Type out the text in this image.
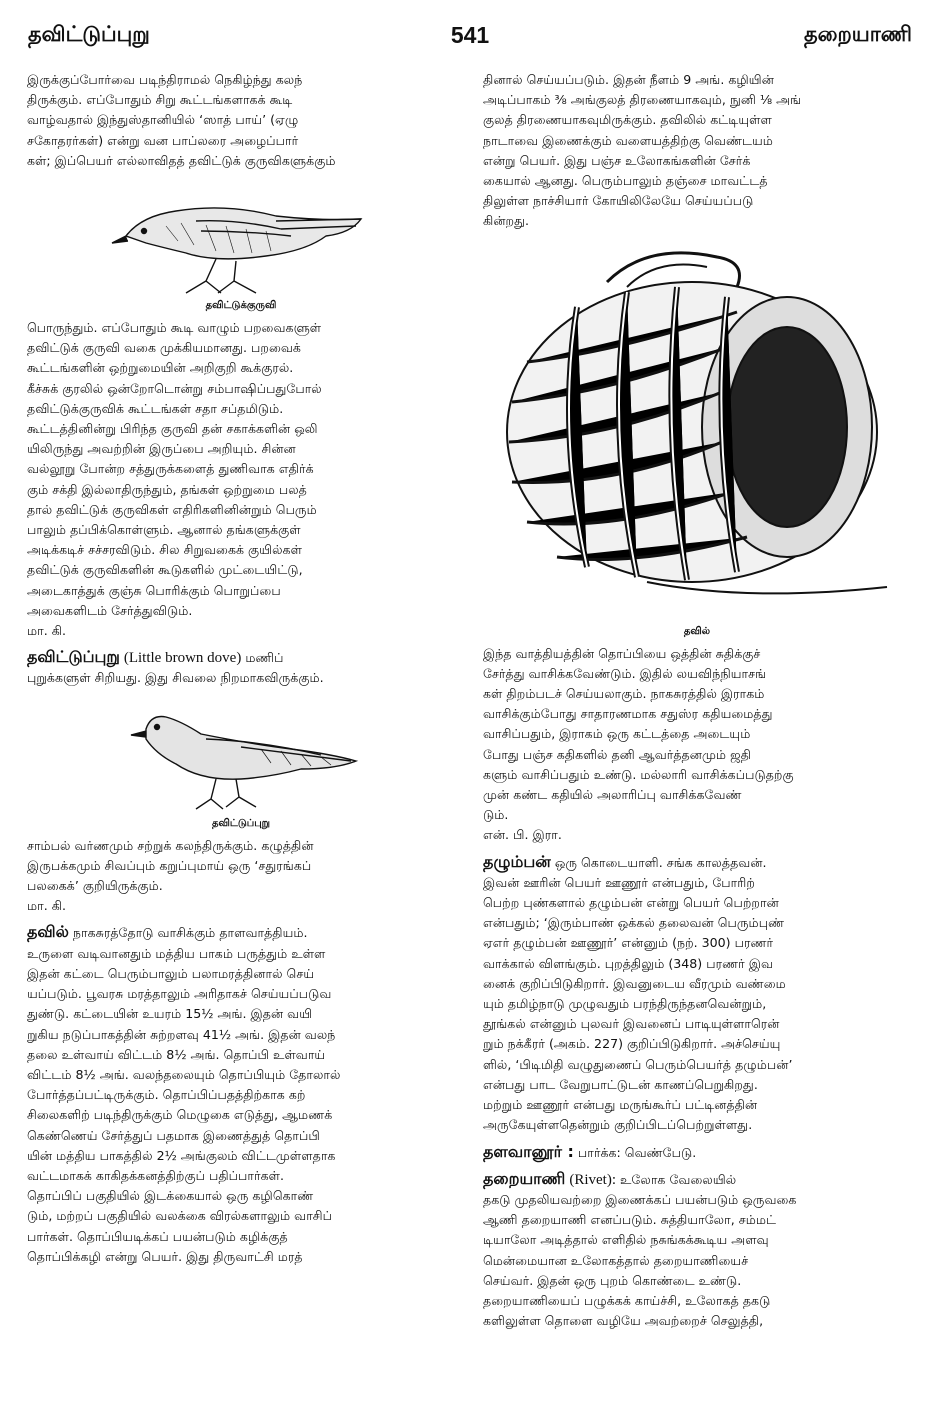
தவிட்டுப்புறு	541	தறையாணி

இருக்குப்போர்வை படிந்திராமல் நெகிழ்ந்து கலந்
திருக்கும். எப்போதும் சிறு கூட்டங்களாகக் கூடி
வாழ்வதால் இந்துஸ்தானியில் ‘ஸாத் பாய்’ (ஏழு
சகோதரர்கள்) என்று வன பாப்லரை அழைப்பார்
கள்; இப்பெயர் எல்லாவிதத் தவிட்டுக் குருவிகளுக்கும்

தவிட்டுக்குருவி

பொருந்தும். எப்போதும் கூடி வாழும் பறவைகளுள்
தவிட்டுக் குருவி வகை முக்கியமானது. பறவைக்
கூட்டங்களின் ஒற்றுமையின் அறிகுறி கூக்குரல்.
கீச்சுக் குரலில் ஒன்றோடொன்று சம்பாஷிப்பதுபோல்
தவிட்டுக்குருவிக் கூட்டங்கள் சதா சப்தமிடும்.
கூட்டத்தினின்று பிரிந்த குருவி தன் சகாக்களின் ஒலி
யிலிருந்து அவற்றின் இருப்பை அறியும். சின்ன
வல்லூறு போன்ற சத்துருக்களைத் துணிவாக எதிர்க்
கும் சக்தி இல்லாதிருந்தும், தங்கள் ஒற்றுமை பலத்
தால் தவிட்டுக் குருவிகள் எதிரிகளினின்றும் பெரும்
பாலும் தப்பிக்கொள்ளும். ஆனால் தங்களுக்குள்
அடிக்கடிச் சச்சரவிடும். சில சிறுவகைக் குயில்கள்
தவிட்டுக் குருவிகளின் கூடுகளில் முட்டையிட்டு,
அடைகாத்துக் குஞ்சு பொரிக்கும் பொறுப்பை
அவைகளிடம் சேர்த்துவிடும்.
மா. கி.

தவிட்டுப்புறு (Little brown dove) மணிப்
புறுக்களுள் சிறியது. இது சிவலை நிறமாகவிருக்கும்.

தவிட்டுப்புறு

சாம்பல் வர்ணமும் சற்றுக் கலந்திருக்கும். கழுத்தின்
இருபக்கமும் சிவப்பும் கறுப்புமாய் ஒரு ‘சதுரங்கப்
பலகைக்’ குறியிருக்கும்.
மா. கி.

தவில் நாகசுரத்தோடு வாசிக்கும் தாளவாத்தியம்.
உருளை வடிவானதும் மத்திய பாகம் பருத்தும் உள்ள
இதன் கட்டை பெரும்பாலும் பலாமரத்தினால் செய்
யப்படும். பூவரசு மரத்தாலும் அரிதாகச் செய்யப்படுவ
துண்டு. கட்டையின் உயரம் 15½ அங். இதன் வயி
றுகிய நடுப்பாகத்தின் சுற்றளவு 41½ அங். இதன் வலந்
தலை உள்வாய் விட்டம் 8½ அங். தொப்பி உள்வாய்
விட்டம் 8½ அங். வலந்தலையும் தொப்பியும் தோலால்
போர்த்தப்பட்டிருக்கும். தொப்பிப்பதத்திற்காக கற்
சிலைகளிற் படிந்திருக்கும் மெழுகை எடுத்து, ஆமணக்
கெண்ணெய் சேர்த்துப் பதமாக இணைத்துத் தொப்பி
யின் மத்திய பாகத்தில் 2½ அங்குலம் விட்டமுள்ளதாக
வட்டமாகக் காகிதக்கனத்திற்குப் பதிப்பார்கள்.
தொப்பிப் பகுதியில் இடக்கையால் ஒரு கழிகொண்
டும், மற்றப் பகுதியில் வலக்கை விரல்களாலும் வாசிப்
பார்கள். தொப்பியடிக்கப் பயன்படும் கழிக்குத்
தொப்பிக்கழி என்று பெயர். இது திருவாட்சி மரத்

தினால் செய்யப்படும். இதன் நீளம் 9 அங். கழியின்
அடிப்பாகம் ⅜ அங்குலத் திரணையாகவும், நுனி ⅛ அங்
குலத் திரணையாகவுமிருக்கும். தவிலில் கட்டியுள்ள
நாடாவை இணைக்கும் வளையத்திற்கு வெண்டயம்
என்று பெயர். இது பஞ்ச உலோகங்களின் சேர்க்
கையால் ஆனது. பெரும்பாலும் தஞ்சை மாவட்டத்
திலுள்ள நாச்சியார் கோயிலிலேயே செய்யப்படு
கின்றது.

தவில்

இந்த வாத்தியத்தின் தொப்பியை ஒத்தின் சுதிக்குச்
சேர்த்து வாசிக்கவேண்டும். இதில் லயவிந்நியாசங்
கள் திறம்படச் செய்யலாகும். நாகசுரத்தில் இராகம்
வாசிக்கும்போது சாதாரணமாக சதுஸ்ர கதியமைத்து
வாசிப்பதும், இராகம் ஒரு கட்டத்தை அடையும்
போது பஞ்ச கதிகளில் தனி ஆவர்த்தனமும் ஜதி
களும் வாசிப்பதும் உண்டு. மல்லாரி வாசிக்கப்படுதற்கு
முன் கண்ட கதியில் அலாரிப்பு வாசிக்கவேண்
டும்.
என். பி. இரா.

தழும்பன் ஒரு கொடையாளி. சங்க காலத்தவன்.
இவன் ஊரின் பெயர் ஊணூர் என்பதும், போரிற்
பெற்ற புண்களால் தழும்பன் என்று பெயர் பெற்றான்
என்பதும்; ‘இரும்பாண் ஒக்கல் தலைவன் பெரும்புண்
ஏஎர் தழும்பன் ஊணூர்’ என்னும் (நற். 300) பரணர்
வாக்கால் விளங்கும். புறத்திலும் (348) பரணர் இவ
னைக் குறிப்பிடுகிறார். இவனுடைய வீரமும் வண்மை
யும் தமிழ்நாடு முழுவதும் பரந்திருந்தனவென்றும்,
தூங்கல் என்னும் புலவர் இவனைப் பாடியுள்ளாரென்
றும் நக்கீரர் (அகம். 227) குறிப்பிடுகிறார். அச்செய்யு
ளில், ‘பிடிமிதி வழுதுணைப் பெரும்பெயர்த் தழும்பன்’
என்பது பாட வேறுபாட்டுடன் காணப்பெறுகிறது.
மற்றும் ஊணூர் என்பது மருங்கூர்ப் பட்டினத்தின்
அருகேயுள்ளதென்றும் குறிப்பிடப்பெற்றுள்ளது.

தளவானூர் : பார்க்க: வெண்பேடு.

தறையாணி (Rivet): உலோக வேலையில்
தகடு முதலியவற்றை இணைக்கப் பயன்படும் ஒருவகை
ஆணி தறையாணி எனப்படும். சுத்தியாலோ, சம்மட்
டியாலோ அடித்தால் எளிதில் நசுங்கக்கூடிய அளவு
மென்மையான உலோகத்தால் தறையாணியைச்
செய்வர். இதன் ஒரு புறம் கொண்டை உண்டு.
தறையாணியைப் பழுக்கக் காய்ச்சி, உலோகத் தகடு
களிலுள்ள தொளை வழியே அவற்றைச் செலுத்தி,
